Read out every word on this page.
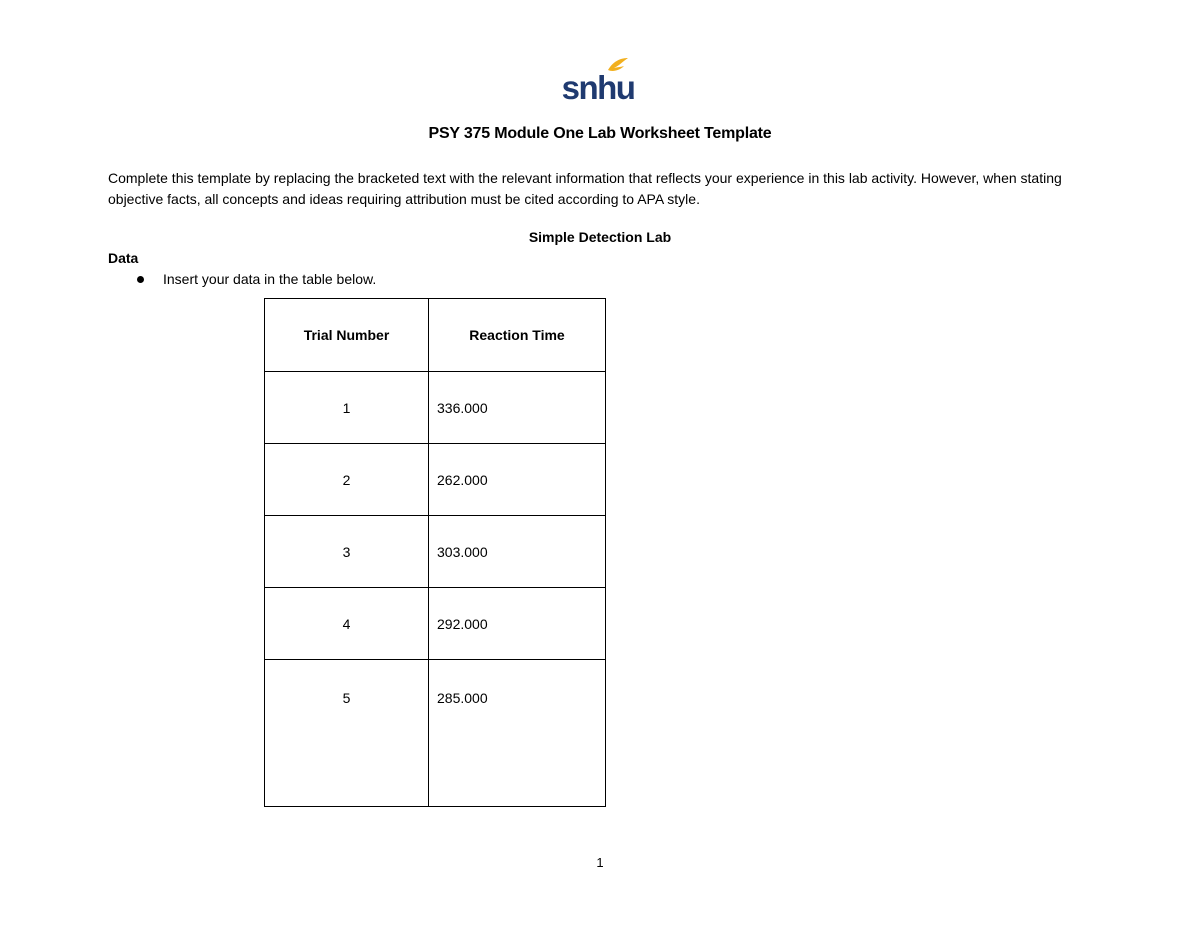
snhu
PSY 375 Module One Lab Worksheet Template
Complete this template by replacing the bracketed text with the relevant information that reflects your experience in this lab activity. However, when stating objective facts, all concepts and ideas requiring attribution must be cited according to APA style.
Simple Detection Lab
Data
Insert your data in the table below.
Trial Number	Reaction Time
1	336.000
2	262.000
3	303.000
4	292.000
5	285.000
1
